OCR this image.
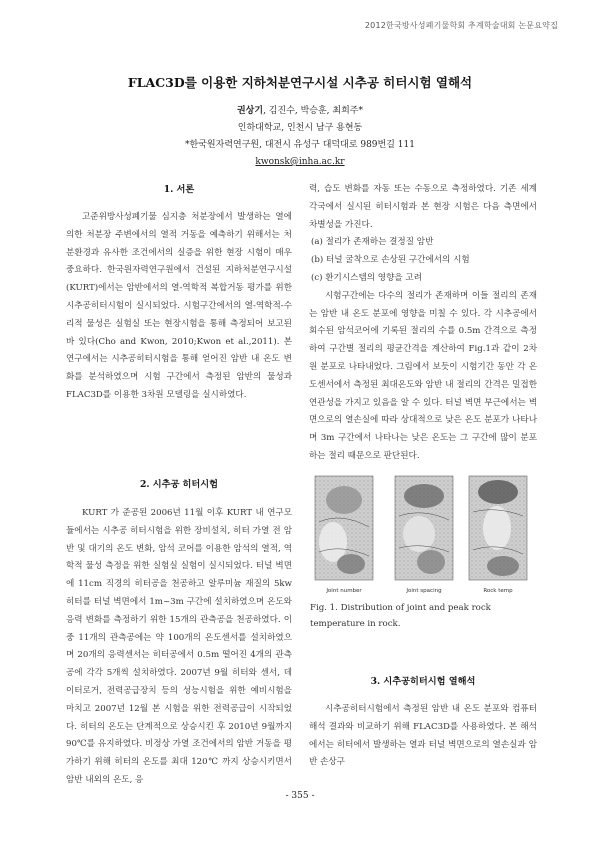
2012한국방사성폐기물학회 추계학술대회 논문요약집
FLAC3D를 이용한 지하처분연구시설 시추공 히터시험 열해석
권상기, 김진수, 박승훈, 최희주*
인하대학교, 인천시 남구 용현동
*한국원자력연구원, 대전시 유성구 대덕대로 989번길 111
kwonsk@inha.ac.kr
1. 서론

고준위방사성폐기물 심지층 처분장에서 발생하는 열에 의한 처분장 주변에서의 열적 거동을 예측하기 위해서는 처분환경과 유사한 조건에서의 실증을 위한 현장 시험이 매우 중요하다. 한국원자력연구원에서 건설된 지하처분연구시설(KURT)에서는 암반에서의 열-역학적 복합거동 평가를 위한 시추공히터시험이 실시되었다. 시험구간에서의 열-역학적-수리적 물성은 실험실 또는 현장시험을 통해 측정되어 보고된 바 있다(Cho and Kwon, 2010;Kwon et al.,2011). 본 연구에서는 시추공히터시험을 통해 얻어진 암반 내 온도 변화를 분석하였으며 시험 구간에서 측정된 암반의 물성과 FLAC3D를 이용한 3차원 모델링을 실시하였다.

2. 시추공 히터시험

KURT 가 준공된 2006년 11월 이후 KURT 내 연구모듈에서는 시추공 히터시험을 위한 장비설치, 히터 가열 전 암반 및 대기의 온도 변화, 암석 코어를 이용한 암석의 열적, 역학적 물성 측정을 위한 실험실 실험이 실시되었다. 터널 벽면에 11cm 직경의 히터공을 천공하고 알루미늄 재질의 5kw 히터를 터널 벽면에서 1m~3m 구간에 설치하였으며 온도와 응력 변화를 측정하기 위한 15개의 관측공을 천공하였다. 이중 11개의 관측공에는 약 100개의 온도센서를 설치하였으며 20개의 응력센서는 히터공에서 0.5m 떨어진 4개의 관측공에 각각 5개씩 설치하였다. 2007년 9월 히터와 센서, 데이터로거, 전력공급장치 등의 성능시험을 위한 예비시험을 마치고 2007년 12월 본 시험을 위한 전력공급이 시작되었다. 히터의 온도는 단계적으로 상승시킨 후 2010년 9월까지 90℃를 유지하였다. 비정상 가열 조건에서의 암반 거동을 평가하기 위해 히터의 온도를 최대 120℃ 까지 상승시키면서 암반 내외의 온도, 응

력, 습도 변화를 자동 또는 수동으로 측정하였다. 기존 세계 각국에서 실시된 히터시험과 본 현장 시험은 다음 측면에서 차별성을 가진다.

(a) 절리가 존재하는 결정질 암반
(b) 터널 굴착으로 손상된 구간에서의 시험
(c) 환기시스템의 영향을 고려

시험구간에는 다수의 절리가 존재하며 이들 절리의 존재는 암반 내 온도 분포에 영향을 미칠 수 있다. 각 시추공에서 회수된 암석코어에 기록된 절리의 수를 0.5m 간격으로 측정하여 구간별 절리의 평균간격을 계산하여 Fig.1과 같이 2차원 분포로 나타내었다. 그림에서 보듯이 시험기간 동안 각 온도센서에서 측정된 최대온도와 암반 내 절리의 간격은 밀접한 연관성을 가지고 있음을 알 수 있다. 터널 벽면 부근에서는 벽면으로의 열손실에 따라 상대적으로 낮은 온도 분포가 나타나며 3m 구간에서 나타나는 낮은 온도는 그 구간에 많이 분포하는 절리 때문으로 판단된다.

Joint number	Joint spacing	Rock temp
Fig. 1. Distribution of joint and peak rock temperature in rock.
3. 시추공히터시험 열해석

시추공히터시험에서 측정된 암반 내 온도 분포와 컴퓨터 해석 결과와 비교하기 위해 FLAC3D를 사용하였다. 본 해석에서는 히터에서 발생하는 열과 터널 벽면으로의 열손실과 암반 손상구

- 355 -
